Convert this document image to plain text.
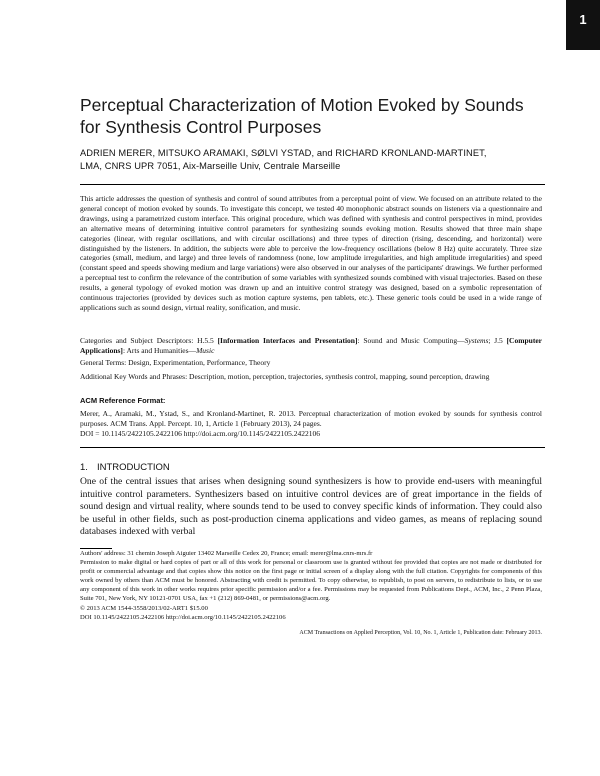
1
Perceptual Characterization of Motion Evoked by Sounds for Synthesis Control Purposes
ADRIEN MERER, MITSUKO ARAMAKI, SØLVI YSTAD, and RICHARD KRONLAND-MARTINET,
LMA, CNRS UPR 7051, Aix-Marseille Univ, Centrale Marseille
This article addresses the question of synthesis and control of sound attributes from a perceptual point of view. We focused on an attribute related to the general concept of motion evoked by sounds. To investigate this concept, we tested 40 monophonic abstract sounds on listeners via a questionnaire and drawings, using a parametrized custom interface. This original procedure, which was defined with synthesis and control perspectives in mind, provides an alternative means of determining intuitive control parameters for synthesizing sounds evoking motion. Results showed that three main shape categories (linear, with regular oscillations, and with circular oscillations) and three types of direction (rising, descending, and horizontal) were distinguished by the listeners. In addition, the subjects were able to perceive the low-frequency oscillations (below 8 Hz) quite accurately. Three size categories (small, medium, and large) and three levels of randomness (none, low amplitude irregularities, and high amplitude irregularities) and speed (constant speed and speeds showing medium and large variations) were also observed in our analyses of the participants' drawings. We further performed a perceptual test to confirm the relevance of the contribution of some variables with synthesized sounds combined with visual trajectories. Based on these results, a general typology of evoked motion was drawn up and an intuitive control strategy was designed, based on a symbolic representation of continuous trajectories (provided by devices such as motion capture systems, pen tablets, etc.). These generic tools could be used in a wide range of applications such as sound design, virtual reality, sonification, and music.
Categories and Subject Descriptors: H.5.5 [Information Interfaces and Presentation]: Sound and Music Computing—Systems; J.5 [Computer Applications]: Arts and Humanities—Music
General Terms: Design, Experimentation, Performance, Theory
Additional Key Words and Phrases: Description, motion, perception, trajectories, synthesis control, mapping, sound perception, drawing
ACM Reference Format:
Merer, A., Aramaki, M., Ystad, S., and Kronland-Martinet, R. 2013. Perceptual characterization of motion evoked by sounds for synthesis control purposes. ACM Trans. Appl. Percept. 10, 1, Article 1 (February 2013), 24 pages.
DOI = 10.1145/2422105.2422106 http://doi.acm.org/10.1145/2422105.2422106
1. INTRODUCTION
One of the central issues that arises when designing sound synthesizers is how to provide end-users with meaningful intuitive control parameters. Synthesizers based on intuitive control devices are of great importance in the fields of sound design and virtual reality, where sounds tend to be used to convey specific kinds of information. They could also be useful in other fields, such as post-production cinema applications and video games, as means of replacing sound databases indexed with verbal
Authors' address: 31 chemin Joseph Aiguier 13402 Marseille Cedex 20, France; email: merer@lma.cnrs-mrs.fr
Permission to make digital or hard copies of part or all of this work for personal or classroom use is granted without fee provided that copies are not made or distributed for profit or commercial advantage and that copies show this notice on the first page or initial screen of a display along with the full citation. Copyrights for components of this work owned by others than ACM must be honored. Abstracting with credit is permitted. To copy otherwise, to republish, to post on servers, to redistribute to lists, or to use any component of this work in other works requires prior specific permission and/or a fee. Permissions may be requested from Publications Dept., ACM, Inc., 2 Penn Plaza, Suite 701, New York, NY 10121-0701 USA, fax +1 (212) 869-0481, or permissions@acm.org.
© 2013 ACM 1544-3558/2013/02-ART1 $15.00
DOI 10.1145/2422105.2422106 http://doi.acm.org/10.1145/2422105.2422106
ACM Transactions on Applied Perception, Vol. 10, No. 1, Article 1, Publication date: February 2013.
